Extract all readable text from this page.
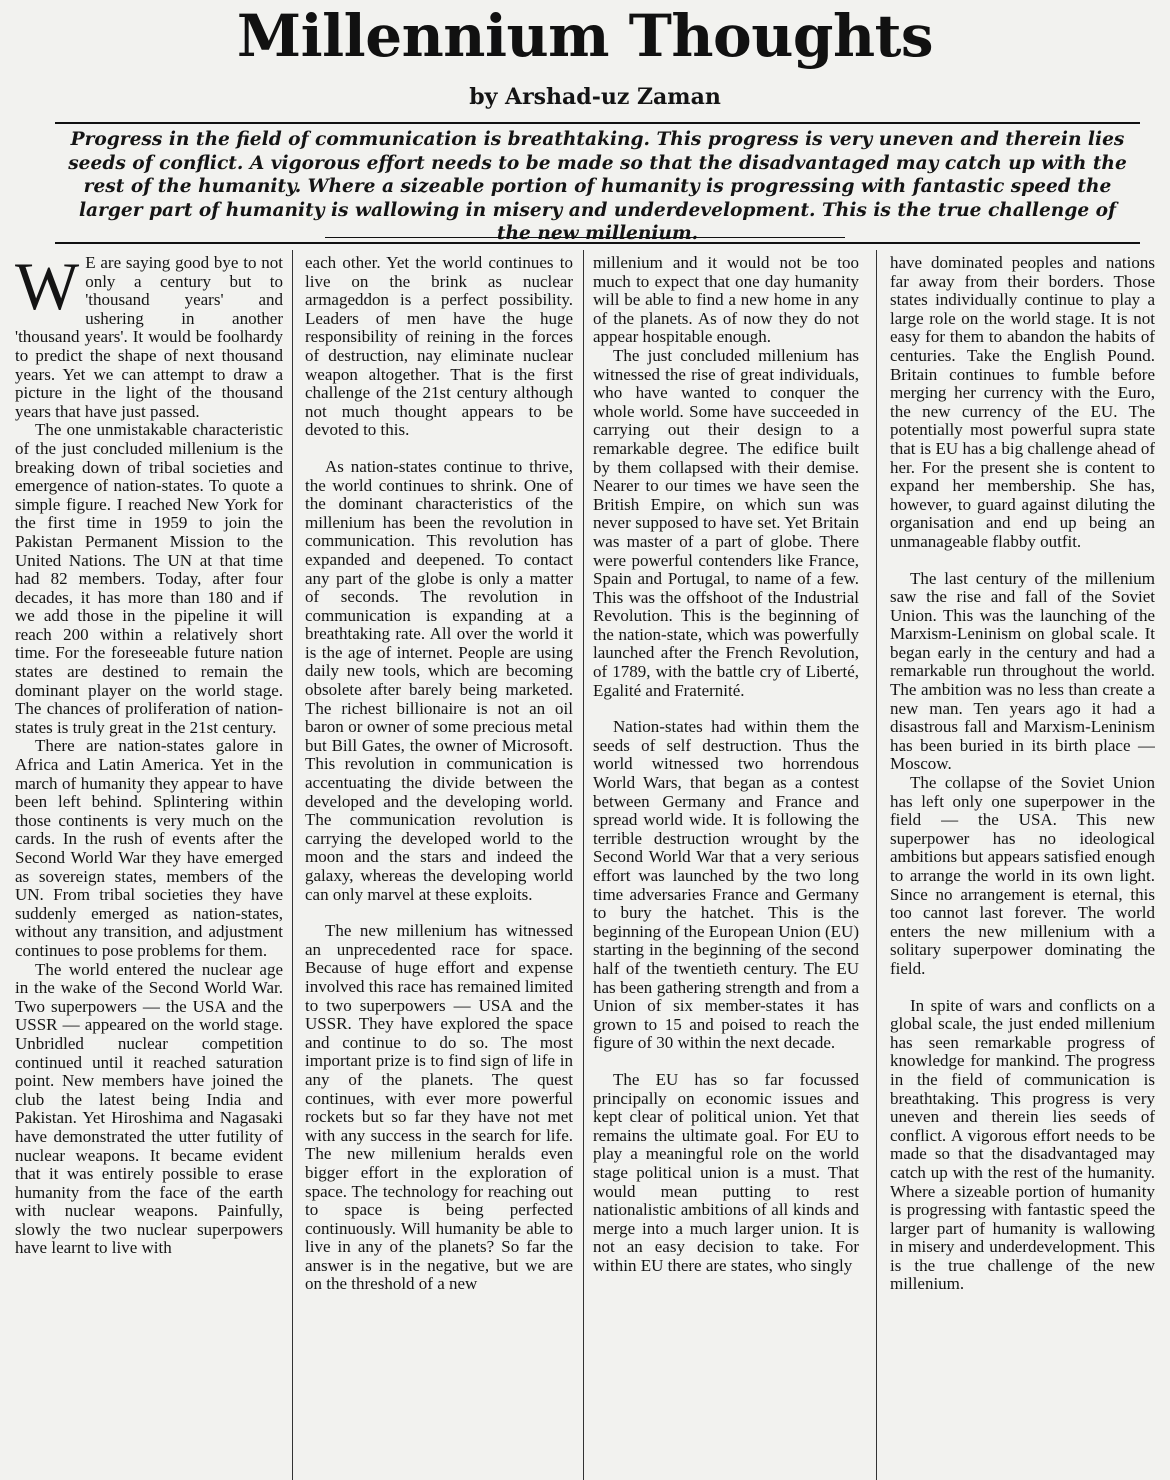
Millennium Thoughts

by Arshad-uz Zaman

Progress in the field of communication is breathtaking. This progress is very uneven and therein lies seeds of conflict. A vigorous effort needs to be made so that the disadvantaged may catch up with the rest of the humanity. Where a sizeable portion of humanity is progressing with fantastic speed the larger part of humanity is wallowing in misery and underdevelopment. This is the true challenge of the new millenium.

W E are saying good bye to not only a century but to 'thousand years' and ushering in another 'thousand years'. It would be foolhardy to predict the shape of next thousand years. Yet we can attempt to draw a picture in the light of the thousand years that have just passed.

The one unmistakable characteristic of the just concluded millenium is the breaking down of tribal societies and emergence of nation-states. To quote a simple figure. I reached New York for the first time in 1959 to join the Pakistan Permanent Mission to the United Nations. The UN at that time had 82 members. Today, after four decades, it has more than 180 and if we add those in the pipeline it will reach 200 within a relatively short time. For the foreseeable future nation states are destined to remain the dominant player on the world stage. The chances of proliferation of nation-states is truly great in the 21st century.

There are nation-states galore in Africa and Latin America. Yet in the march of humanity they appear to have been left behind. Splintering within those continents is very much on the cards. In the rush of events after the Second World War they have emerged as sovereign states, members of the UN. From tribal societies they have suddenly emerged as nation-states, without any transition, and adjustment continues to pose problems for them.

The world entered the nuclear age in the wake of the Second World War. Two superpowers — the USA and the USSR — appeared on the world stage. Unbridled nuclear competition continued until it reached saturation point. New members have joined the club the latest being India and Pakistan. Yet Hiroshima and Nagasaki have demonstrated the utter futility of nuclear weapons. It became evident that it was entirely possible to erase humanity from the face of the earth with nuclear weapons. Painfully, slowly the two nuclear superpowers have learnt to live with

each other. Yet the world continues to live on the brink as nuclear armageddon is a perfect possibility. Leaders of men have the huge responsibility of reining in the forces of destruction, nay eliminate nuclear weapon altogether. That is the first challenge of the 21st century although not much thought appears to be devoted to this.

As nation-states continue to thrive, the world continues to shrink. One of the dominant characteristics of the millenium has been the revolution in communication. This revolution has expanded and deepened. To contact any part of the globe is only a matter of seconds. The revolution in communication is expanding at a breathtaking rate. All over the world it is the age of internet. People are using daily new tools, which are becoming obsolete after barely being marketed. The richest billionaire is not an oil baron or owner of some precious metal but Bill Gates, the owner of Microsoft. This revolution in communication is accentuating the divide between the developed and the developing world. The communication revolution is carrying the developed world to the moon and the stars and indeed the galaxy, whereas the developing world can only marvel at these exploits.

The new millenium has witnessed an unprecedented race for space. Because of huge effort and expense involved this race has remained limited to two superpowers — USA and the USSR. They have explored the space and continue to do so. The most important prize is to find sign of life in any of the planets. The quest continues, with ever more powerful rockets but so far they have not met with any success in the search for life. The new millenium heralds even bigger effort in the exploration of space. The technology for reaching out to space is being perfected continuously. Will humanity be able to live in any of the planets? So far the answer is in the negative, but we are on the threshold of a new

millenium and it would not be too much to expect that one day humanity will be able to find a new home in any of the planets. As of now they do not appear hospitable enough.

The just concluded millenium has witnessed the rise of great individuals, who have wanted to conquer the whole world. Some have succeeded in carrying out their design to a remarkable degree. The edifice built by them collapsed with their demise. Nearer to our times we have seen the British Empire, on which sun was never supposed to have set. Yet Britain was master of a part of globe. There were powerful contenders like France, Spain and Portugal, to name of a few. This was the offshoot of the Industrial Revolution. This is the beginning of the nation-state, which was powerfully launched after the French Revolution, of 1789, with the battle cry of Liberté, Egalité and Fraternité.

Nation-states had within them the seeds of self destruction. Thus the world witnessed two horrendous World Wars, that began as a contest between Germany and France and spread world wide. It is following the terrible destruction wrought by the Second World War that a very serious effort was launched by the two long time adversaries France and Germany to bury the hatchet. This is the beginning of the European Union (EU) starting in the beginning of the second half of the twentieth century. The EU has been gathering strength and from a Union of six member-states it has grown to 15 and poised to reach the figure of 30 within the next decade.

The EU has so far focussed principally on economic issues and kept clear of political union. Yet that remains the ultimate goal. For EU to play a meaningful role on the world stage political union is a must. That would mean putting to rest nationalistic ambitions of all kinds and merge into a much larger union. It is not an easy decision to take. For within EU there are states, who singly

have dominated peoples and nations far away from their borders. Those states individually continue to play a large role on the world stage. It is not easy for them to abandon the habits of centuries. Take the English Pound. Britain continues to fumble before merging her currency with the Euro, the new currency of the EU. The potentially most powerful supra state that is EU has a big challenge ahead of her. For the present she is content to expand her membership. She has, however, to guard against diluting the organisation and end up being an unmanageable flabby outfit.

The last century of the millenium saw the rise and fall of the Soviet Union. This was the launching of the Marxism-Leninism on global scale. It began early in the century and had a remarkable run throughout the world. The ambition was no less than create a new man. Ten years ago it had a disastrous fall and Marxism-Leninism has been buried in its birth place — Moscow.

The collapse of the Soviet Union has left only one superpower in the field — the USA. This new superpower has no ideological ambitions but appears satisfied enough to arrange the world in its own light. Since no arrangement is eternal, this too cannot last forever. The world enters the new millenium with a solitary superpower dominating the field.

In spite of wars and conflicts on a global scale, the just ended millenium has seen remarkable progress of knowledge for mankind. The progress in the field of communication is breathtaking. This progress is very uneven and therein lies seeds of conflict. A vigorous effort needs to be made so that the disadvantaged may catch up with the rest of the humanity. Where a sizeable portion of humanity is progressing with fantastic speed the larger part of humanity is wallowing in misery and underdevelopment. This is the true challenge of the new millenium.
